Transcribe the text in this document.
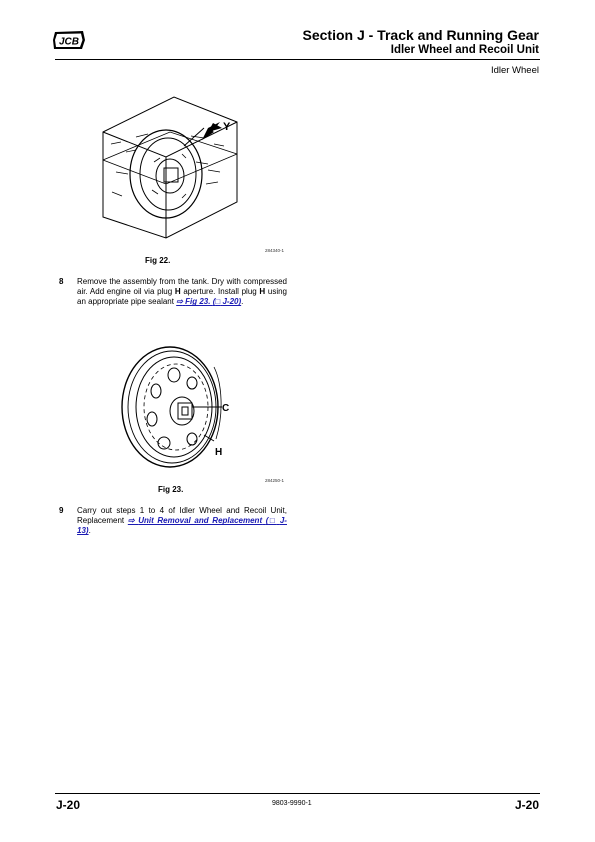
JCB	Section J - Track and Running Gear
Idler Wheel and Recoil Unit
Idler Wheel
Y
284340-1
Fig 22.
8 Remove the assembly from the tank. Dry with compressed air. Add engine oil via plug H aperture. Install plug H using an appropriate pipe sealant ⇨ Fig 23. (□ J-20).
C
H
284250-1
Fig 23.
9 Carry out steps 1 to 4 of Idler Wheel and Recoil Unit, Replacement ⇨ Unit Removal and Replacement (□ J-13).
J-20	9803-9990-1	J-20
